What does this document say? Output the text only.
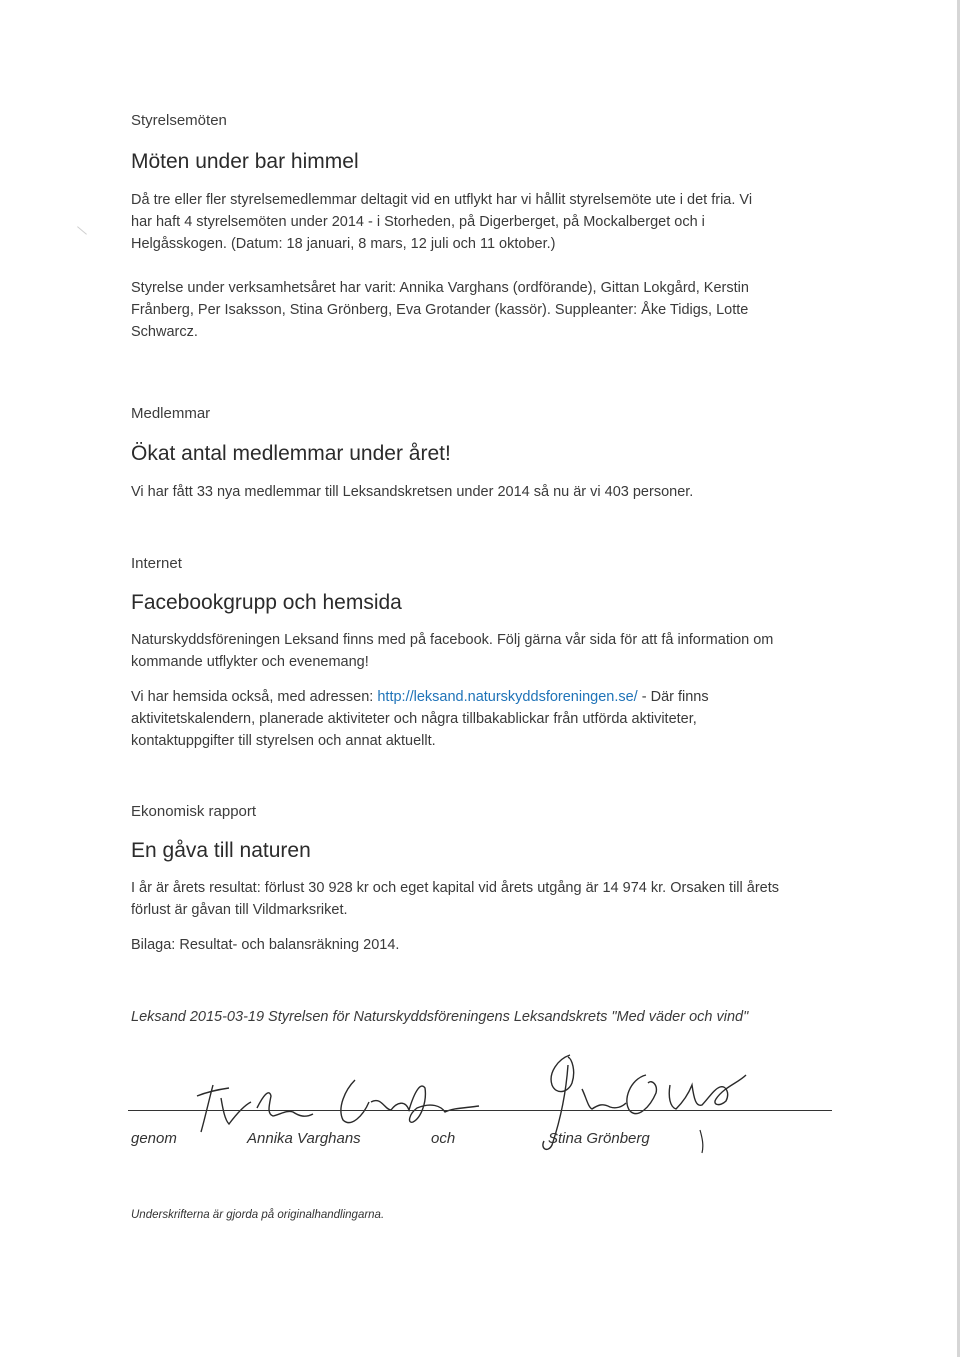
Styrelsemöten
Möten under bar himmel
Då tre eller fler styrelsemedlemmar deltagit vid en utflykt har vi hållit styrelsemöte ute i det fria. Vi
har haft 4 styrelsemöten under 2014 - i Storheden, på Digerberget, på Mockalberget och i
Helgåsskogen. (Datum: 18 januari, 8 mars, 12 juli och 11 oktober.)
Styrelse under verksamhetsåret har varit: Annika Varghans (ordförande), Gittan Lokgård, Kerstin
Frånberg, Per Isaksson, Stina Grönberg, Eva Grotander (kassör). Suppleanter: Åke Tidigs, Lotte
Schwarcz.
Medlemmar
Ökat antal medlemmar under året!
Vi har fått 33 nya medlemmar till Leksandskretsen under 2014 så nu är vi 403 personer.
Internet
Facebookgrupp och hemsida
Naturskyddsföreningen Leksand finns med på facebook. Följ gärna vår sida för att få information om
kommande utflykter och evenemang!
Vi har hemsida också, med adressen: http://leksand.naturskyddsforeningen.se/ - Där finns
aktivitetskalendern, planerade aktiviteter och några tillbakablickar från utförda aktiviteter,
kontaktuppgifter till styrelsen och annat aktuellt.
Ekonomisk rapport
En gåva till naturen
I år är årets resultat: förlust 30 928 kr och eget kapital vid årets utgång är 14 974 kr. Orsaken till årets
förlust är gåvan till Vildmarksriket.
Bilaga: Resultat- och balansräkning 2014.
Leksand 2015-03-19 Styrelsen för Naturskyddsföreningens Leksandskrets "Med väder och vind"
genom	Annika Varghans	och	Stina Grönberg
Underskrifterna är gjorda på originalhandlingarna.
